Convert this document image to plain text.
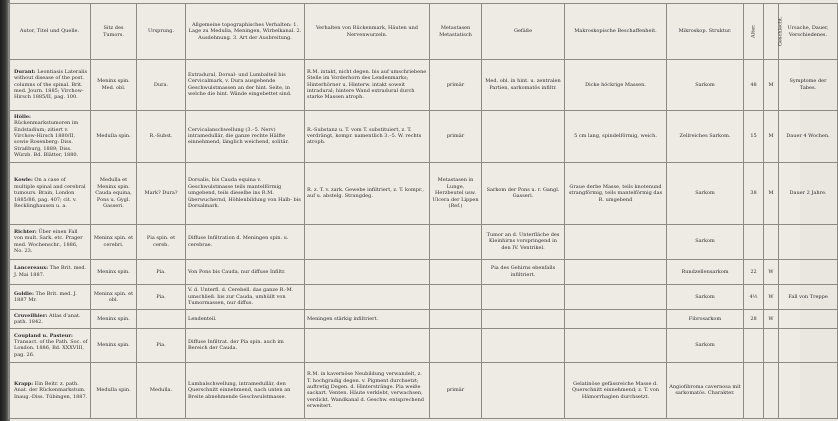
Autor, Titel und Quelle.	Sitz des Tumors.	Ursprung.	Allgemeine topographisches Verhalten: 1. Lage zu Medulla, Meningen, Wirbelkanal. 2. Ausdehnung. 3. Art der Ausbreitung.	Verhalten von Rückenmark, Häuten und Nervenwurzeln.	Metastasen Metastatisch	Gefäße	Makroskopische Beschaffenheit.	Mikroskop. Struktur.	Alter.	Geschlecht.	Ursache, Dauer, Verschiedenes.
Durant: Leontiasis Lateralis without disease of the post. columns of the spinal. Brit. med. Journ. 1885; Virchow-Hirsch 1885/II, pag. 100.	Meninx spin. Med. obl.	Dura.	Extradural, Dorsal- und Lumbalteil bis Cervicalmark, v. Dura ausgehende Geschwulstmassen an der hint. Seite, in welche die hint. Wände eingebettet sind.	R.M. intakt, nicht degen. bis auf umschriebene Stelle im Vorderhorn des Lendenmarks; Hinterhörner u. Hinterw. intakt soweit intradural; hintere Wand extradural durch starke Massen atroph.	primär	Med. obl. in hint. u. zentralen Partien, sarkomatös infiltr.	Dicke höckrige Massen.	Sarkom	48	M	Symptome der Tabes.
Hölle: Rückenmarkstumoren im Endstadium; zitiert v. Virchow-Hirsch 1880/II, sowie Rosenberg: Diss. Straßburg, 1889; Diss. Würzb. Bd. Blätter, 1880.	Medulla spin.	R.-Subst.	Cervicalanschwellung (3.–5. Nerv) intramedullär, die ganze rechte Hälfte einnehmend, länglich weichend, solitär.	R.-Substanz u. T. vom T. substituiert, z. T. verdrängt, kompr. namentlich 3.–5. W. rechts atroph.	primär		5 cm lang, spindelförmig, weich.	Zellreiches Sarkom.	15	M	Dauer 4 Wochen.
Kowle: On a case of multiple spinal and cerebral tumours. Brain, London 1885/86, pag. 407; cit. v. Recklinghausen u. a.	Medulla et Meninx spin. Cauda equina, Pons u. Gygl. Gasseri.	Mark? Dura?	Dorsalis, bis Cauda equina v. Geschwulstmasse teils mantelförmig umgebend, teils dieselbe ins R.M. überwuchernd, Höhlenbildung von Halb- bis Dorsalmark.	R. z. T. v. zark. Gewebe infiltriert, z. T. kompr., auf u. abstelg. Strangdeg.	Metastasen in Lunge, Herzbeutel usw. Ulcera der Lippen (Ref.)	Sarkom der Pons u. r. Gangl. Gasseri.	Graue derbe Masse, teils knotenund strangförmig, teils mantelförmig das R. umgebend	Sarkom	38	M	Dauer 2 Jahre.
Richter: Über einen Fall von mult. Sark. etc. Prager med. Wochenschr., 1886, No. 23.	Meninx spin. et cerebri.	Pia spin. et cereb.	Diffuse Infiltration d. Meningen spin. u. cerebrae.			Tumor an d. Unterfläche des Kleinhirns vorspringend in den IV. Ventrikel.		Sarkom			
Lancereaux: The Brit. med. J. Mai 1887.	Meninx spin.	Pia.	Von Pons bis Cauda, nur diffuse Infiltr.			Pia des Gehirns ebenfalls infiltriert.		Rundzellensarkom	22	W	
Goldie: The Brit. med. J. 1887 Mr.	Meninx spin. et obl.	Pia.	V. d. Unterfl. d. Cerebell. das ganze R.-M. umschließ. bis zur Cauda, umhüllt von Tumormassen, nur diffus.					Sarkom	4½	W	Fall von Treppe
Cruveilhier: Atlas d'anat. path. 1842.	Meninx spin.		Lendenteil.	Meningen stärkig infiltriert.				Fibrosarkom	28	W	
Coupland u. Pasteur: Transact. of the Path. Soc. of London. 1886, Bd. XXXVIII, pag. 26.	Meninx spin.	Pia.	Diffuse Infiltrat. der Pia spin. auch im Bereich der Cauda.					Sarkom			
Krapp: Ein Beitr. z. path. Anat. der Rückenmarkstum. Inaug.-Diss. Tübingen, 1887.	Medulla spin.	Medulla.	Lumbalschwellung, intramedullär, den Querschnitt einnehmend, nach unten an Breite abnehmende Geschwulstmasse.	R.M. in kavernöse Neubildung verwandelt, z. T. hochgradig degen. v. Pigment durchsetzt; auftretig Degen. d. Hinterstränge. Pia weiße sackart. Venten. Häute verklebt, verwachsen, verdickt. Wandkanal d. Geschw. entsprechend erweitert.	primär		Gelatinöse gefässreiche Masse d. Querschnitt einnehmend; z. T. von Hämorrhagien durchsetzt.	Angiofibroma cavernosa mit sarkomatös. Charakter.			
